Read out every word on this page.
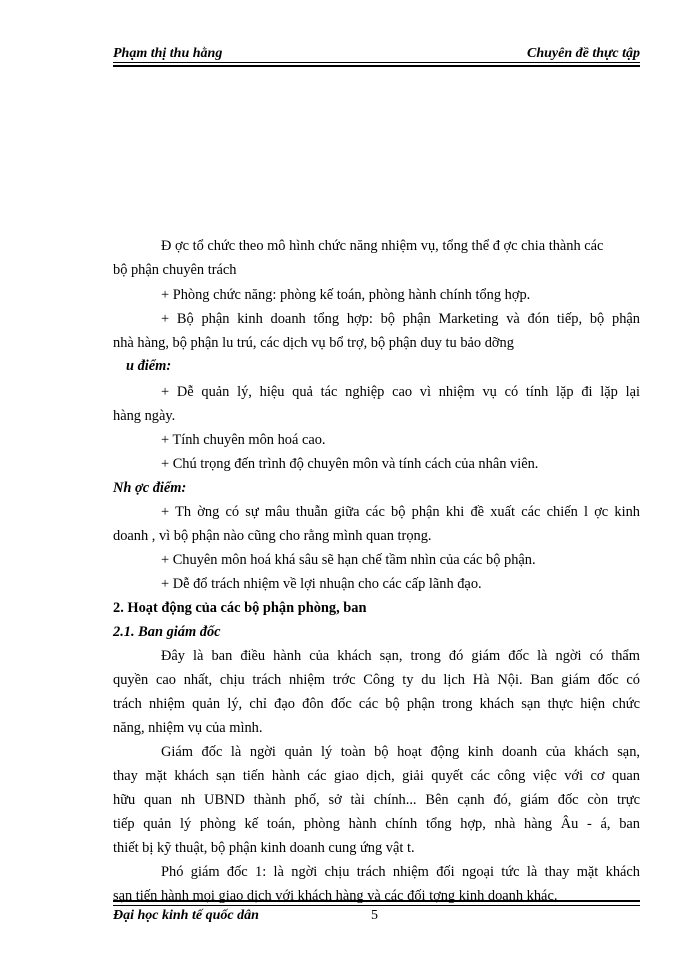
Phạm thị thu hằng	Chuyên đề thực tập
Đ ợc tổ chức theo mô hình chức năng nhiệm vụ, tổng thể đ ợc chia thành các
bộ phận chuyên trách
+ Phòng chức năng: phòng kế toán, phòng hành chính tổng hợp.
+ Bộ phận kinh doanh tổng hợp: bộ phận Marketing và đón tiếp, bộ phận
nhà hàng, bộ phận lu trú, các dịch vụ bổ trợ, bộ phận duy tu bảo dỡng
u điểm:
+ Dễ quản lý, hiệu quả tác nghiệp cao vì nhiệm vụ có tính lặp đi lặp lại
hàng ngày.
+ Tính chuyên môn hoá cao.
+ Chú trọng đến trình độ chuyên môn và tính cách của nhân viên.
Nh ợc điểm:
+ Th ờng có sự mâu thuẫn giữa các bộ phận khi đề xuất các chiến l ợc kinh
doanh , vì bộ phận nào cũng cho rằng mình quan trọng.
+ Chuyên môn hoá khá sâu sẽ hạn chế tầm nhìn của các bộ phận.
+ Dễ đổ trách nhiệm về lợi nhuận cho các cấp lãnh đạo.
2. Hoạt động của các bộ phận phòng, ban
2.1. Ban giám đốc
Đây là ban điều hành của khách sạn, trong đó giám đốc là ngời có thẩm
quyền cao nhất, chịu trách nhiệm trớc Công ty du lịch Hà Nội. Ban giám đốc có
trách nhiệm quản lý, chỉ đạo đôn đốc các bộ phận trong khách sạn thực hiện chức
năng, nhiệm vụ của mình.
Giám đốc là ngời quản lý toàn bộ hoạt động kinh doanh của khách sạn,
thay mặt khách sạn tiến hành các giao dịch, giải quyết các công việc với cơ quan
hữu quan nh UBND thành phố, sở tài chính... Bên cạnh đó, giám đốc còn trực
tiếp quản lý phòng kế toán, phòng hành chính tổng hợp, nhà hàng Âu - á, ban
thiết bị kỹ thuật, bộ phận kinh doanh cung ứng vật t.
Phó giám đốc 1: là ngời chịu trách nhiệm đối ngoại tức là thay mặt khách
sạn tiến hành mọi giao dịch với khách hàng và các đối tợng kinh doanh khác.
Đại học kinh tế quốc dân	5
